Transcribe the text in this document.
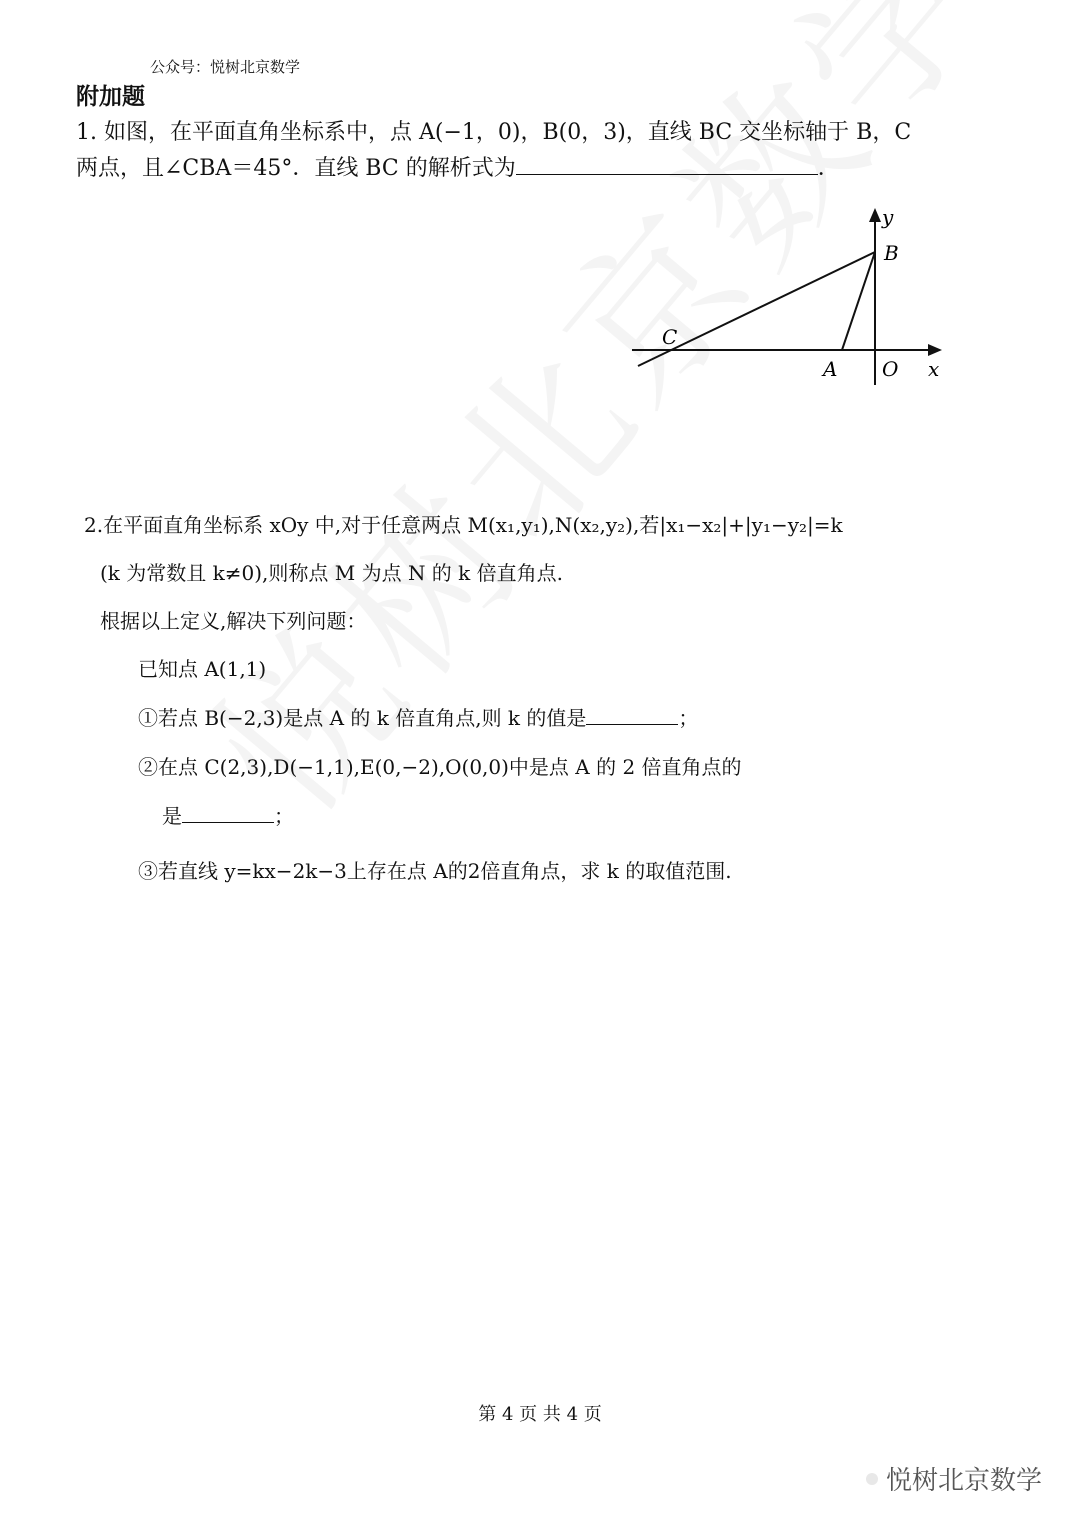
公众号：悦树北京数学
附加题
1. 如图，在平面直角坐标系中，点 A(−1，0)，B(0，3)，直线 BC 交坐标轴于 B，C
两点，且∠CBA＝45°．直线 BC 的解析式为	．
y
B
C
A O x
2.在平面直角坐标系 xOy 中,对于任意两点 M(x₁,y₁),N(x₂,y₂),若|x₁−x₂|+|y₁−y₂|=k
(k 为常数且 k≠0),则称点 M 为点 N 的 k 倍直角点.
根据以上定义,解决下列问题：
已知点 A(1,1)
①若点 B(−2,3)是点 A 的 k 倍直角点,则 k 的值是	；
②在点 C(2,3),D(−1,1),E(0,−2),O(0,0)中是点 A 的 2 倍直角点的
是	；
③若直线 y=kx−2k−3上存在点 A的2倍直角点，求 k 的取值范围.
第 4 页 共 4 页
悦树北京数学
